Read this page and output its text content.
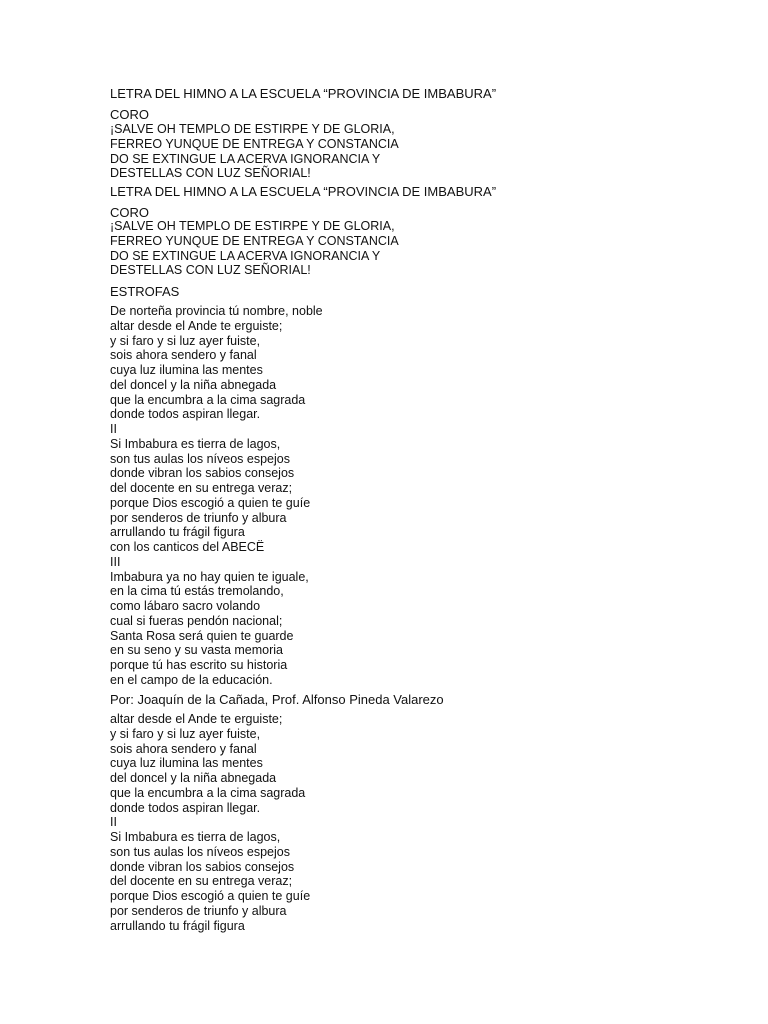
LETRA DEL HIMNO A LA ESCUELA “PROVINCIA DE IMBABURA”
CORO
¡SALVE OH TEMPLO DE ESTIRPE Y DE GLORIA,
FERREO YUNQUE DE ENTREGA Y CONSTANCIA
DO SE EXTINGUE LA ACERVA IGNORANCIA Y
DESTELLAS CON LUZ SEÑORIAL!
LETRA DEL HIMNO A LA ESCUELA “PROVINCIA DE IMBABURA”
CORO
¡SALVE OH TEMPLO DE ESTIRPE Y DE GLORIA,
FERREO YUNQUE DE ENTREGA Y CONSTANCIA
DO SE EXTINGUE LA ACERVA IGNORANCIA Y
DESTELLAS CON LUZ SEÑORIAL!
ESTROFAS
De norteña provincia tú nombre, noble
altar desde el Ande te erguiste;
y si faro y si luz ayer fuiste,
sois ahora sendero y fanal
cuya luz ilumina las mentes
del doncel y la niña abnegada
que la encumbra a la cima sagrada
donde todos aspiran llegar.
II
Si Imbabura es tierra de lagos,
son tus aulas los níveos espejos
donde vibran los sabios consejos
del docente en su entrega veraz;
porque Dios escogió a quien te guíe
por senderos de triunfo y albura
arrullando tu frágil figura
con los canticos del ABECË
III
Imbabura ya no hay quien te iguale,
en la cima tú estás tremolando,
como lábaro sacro volando
cual si fueras pendón nacional;
Santa Rosa será quien te guarde
en su seno y su vasta memoria
porque tú has escrito su historia
en el campo de la educación.
Por: Joaquín de la Cañada, Prof. Alfonso Pineda Valarezo
altar desde el Ande te erguiste;
y si faro y si luz ayer fuiste,
sois ahora sendero y fanal
cuya luz ilumina las mentes
del doncel y la niña abnegada
que la encumbra a la cima sagrada
donde todos aspiran llegar.
II
Si Imbabura es tierra de lagos,
son tus aulas los níveos espejos
donde vibran los sabios consejos
del docente en su entrega veraz;
porque Dios escogió a quien te guíe
por senderos de triunfo y albura
arrullando tu frágil figura
